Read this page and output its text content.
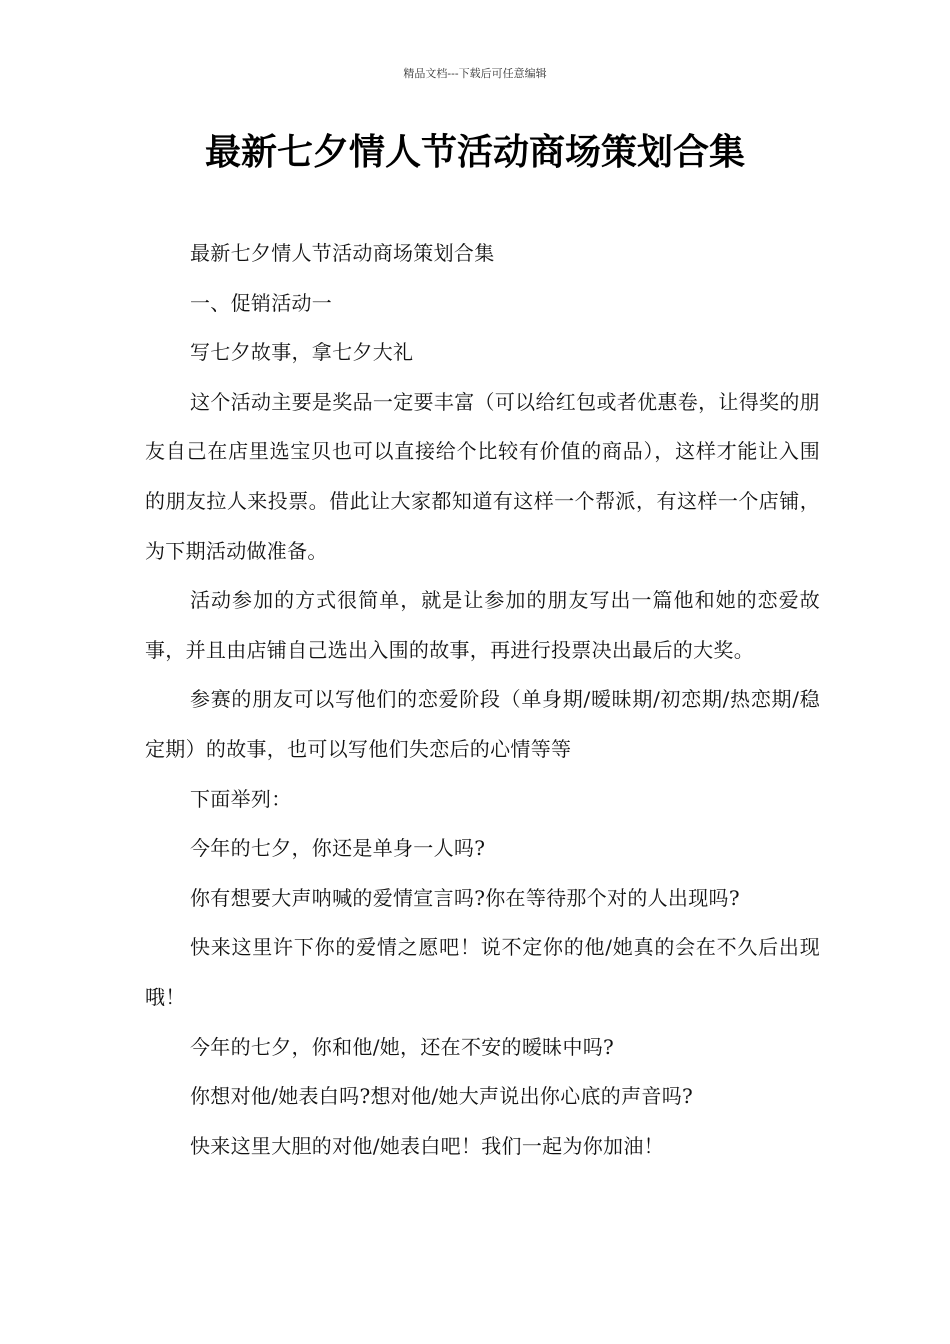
精品文档---下载后可任意编辑
最新七夕情人节活动商场策划合集

最新七夕情人节活动商场策划合集

一、促销活动一

写七夕故事，拿七夕大礼

这个活动主要是奖品一定要丰富（可以给红包或者优惠卷，让得奖的朋友自己在店里选宝贝也可以直接给个比较有价值的商品），这样才能让入围的朋友拉人来投票。借此让大家都知道有这样一个帮派，有这样一个店铺，为下期活动做准备。

活动参加的方式很简单，就是让参加的朋友写出一篇他和她的恋爱故事，并且由店铺自己选出入围的故事，再进行投票决出最后的大奖。

参赛的朋友可以写他们的恋爱阶段（单身期/暧昧期/初恋期/热恋期/稳定期）的故事，也可以写他们失恋后的心情等等

下面举列：

今年的七夕，你还是单身一人吗?

你有想要大声呐喊的爱情宣言吗?你在等待那个对的人出现吗?

快来这里许下你的爱情之愿吧！说不定你的他/她真的会在不久后出现哦！

今年的七夕，你和他/她，还在不安的暧昧中吗?

你想对他/她表白吗?想对他/她大声说出你心底的声音吗?

快来这里大胆的对他/她表白吧！我们一起为你加油！
